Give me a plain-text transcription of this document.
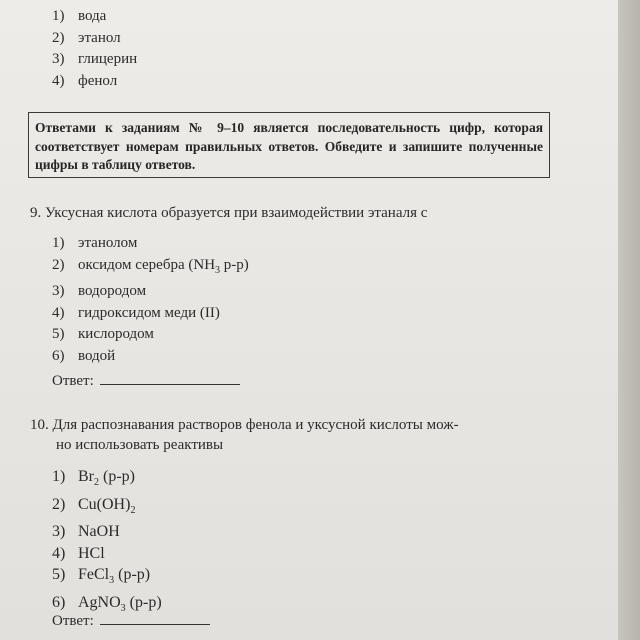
1) вода
2) этанол
3) глицерин
4) фенол
Ответами к заданиям № 9–10 является последовательность цифр, которая соответствует номерам правильных ответов. Обведите и запишите полученные цифры в таблицу ответов.
9. Уксусная кислота образуется при взаимодействии этаналя с
1) этанолом
2) оксидом серебра ($NH_3$ р-р)
3) водородом
4) гидроксидом меди (II)
5) кислородом
6) водой
Ответ:
10. Для распознавания растворов фенола и уксусной кислоты мож-
но использовать реактивы
1) $Br_2$ (р-р)
2) $Cu(OH)_2$
3) NaOH
4) HCl
5) FeCl$_3$ (р-р)
6) AgNO$_3$ (р-р)
Ответ:
